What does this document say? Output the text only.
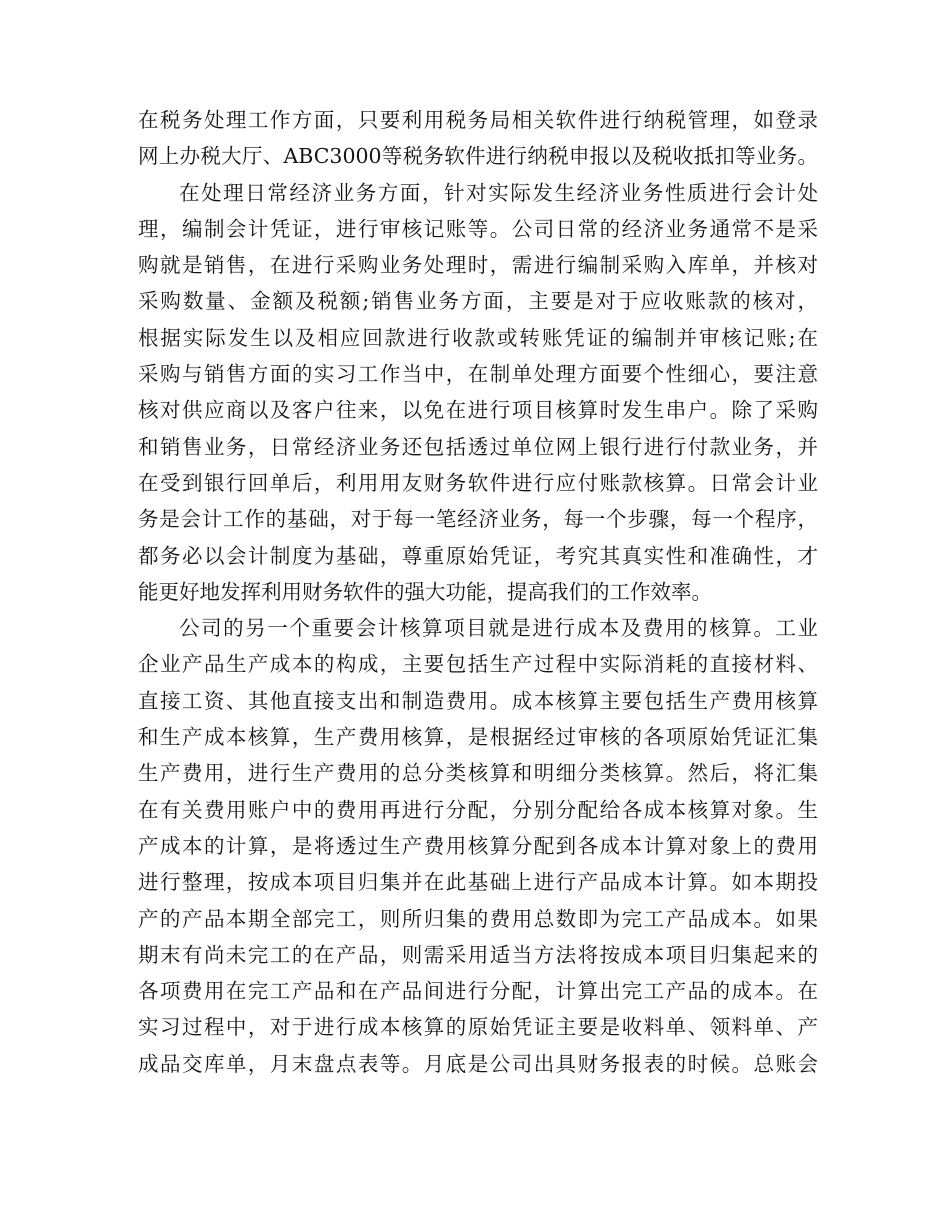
在税务处理工作方面，只要利用税务局相关软件进行纳税管理，如登录
网上办税大厅、ABC3000等税务软件进行纳税申报以及税收抵扣等业务。
在处理日常经济业务方面，针对实际发生经济业务性质进行会计处
理，编制会计凭证，进行审核记账等。公司日常的经济业务通常不是采
购就是销售，在进行采购业务处理时，需进行编制采购入库单，并核对
采购数量、金额及税额;销售业务方面，主要是对于应收账款的核对，
根据实际发生以及相应回款进行收款或转账凭证的编制并审核记账;在
采购与销售方面的实习工作当中，在制单处理方面要个性细心，要注意
核对供应商以及客户往来，以免在进行项目核算时发生串户。除了采购
和销售业务，日常经济业务还包括透过单位网上银行进行付款业务，并
在受到银行回单后，利用用友财务软件进行应付账款核算。日常会计业
务是会计工作的基础，对于每一笔经济业务，每一个步骤，每一个程序，
都务必以会计制度为基础，尊重原始凭证，考究其真实性和准确性，才
能更好地发挥利用财务软件的强大功能，提高我们的工作效率。
公司的另一个重要会计核算项目就是进行成本及费用的核算。工业
企业产品生产成本的构成，主要包括生产过程中实际消耗的直接材料、
直接工资、其他直接支出和制造费用。成本核算主要包括生产费用核算
和生产成本核算，生产费用核算，是根据经过审核的各项原始凭证汇集
生产费用，进行生产费用的总分类核算和明细分类核算。然后，将汇集
在有关费用账户中的费用再进行分配，分别分配给各成本核算对象。生
产成本的计算，是将透过生产费用核算分配到各成本计算对象上的费用
进行整理，按成本项目归集并在此基础上进行产品成本计算。如本期投
产的产品本期全部完工，则所归集的费用总数即为完工产品成本。如果
期末有尚未完工的在产品，则需采用适当方法将按成本项目归集起来的
各项费用在完工产品和在产品间进行分配，计算出完工产品的成本。在
实习过程中，对于进行成本核算的原始凭证主要是收料单、领料单、产
成品交库单，月末盘点表等。月底是公司出具财务报表的时候。总账会
